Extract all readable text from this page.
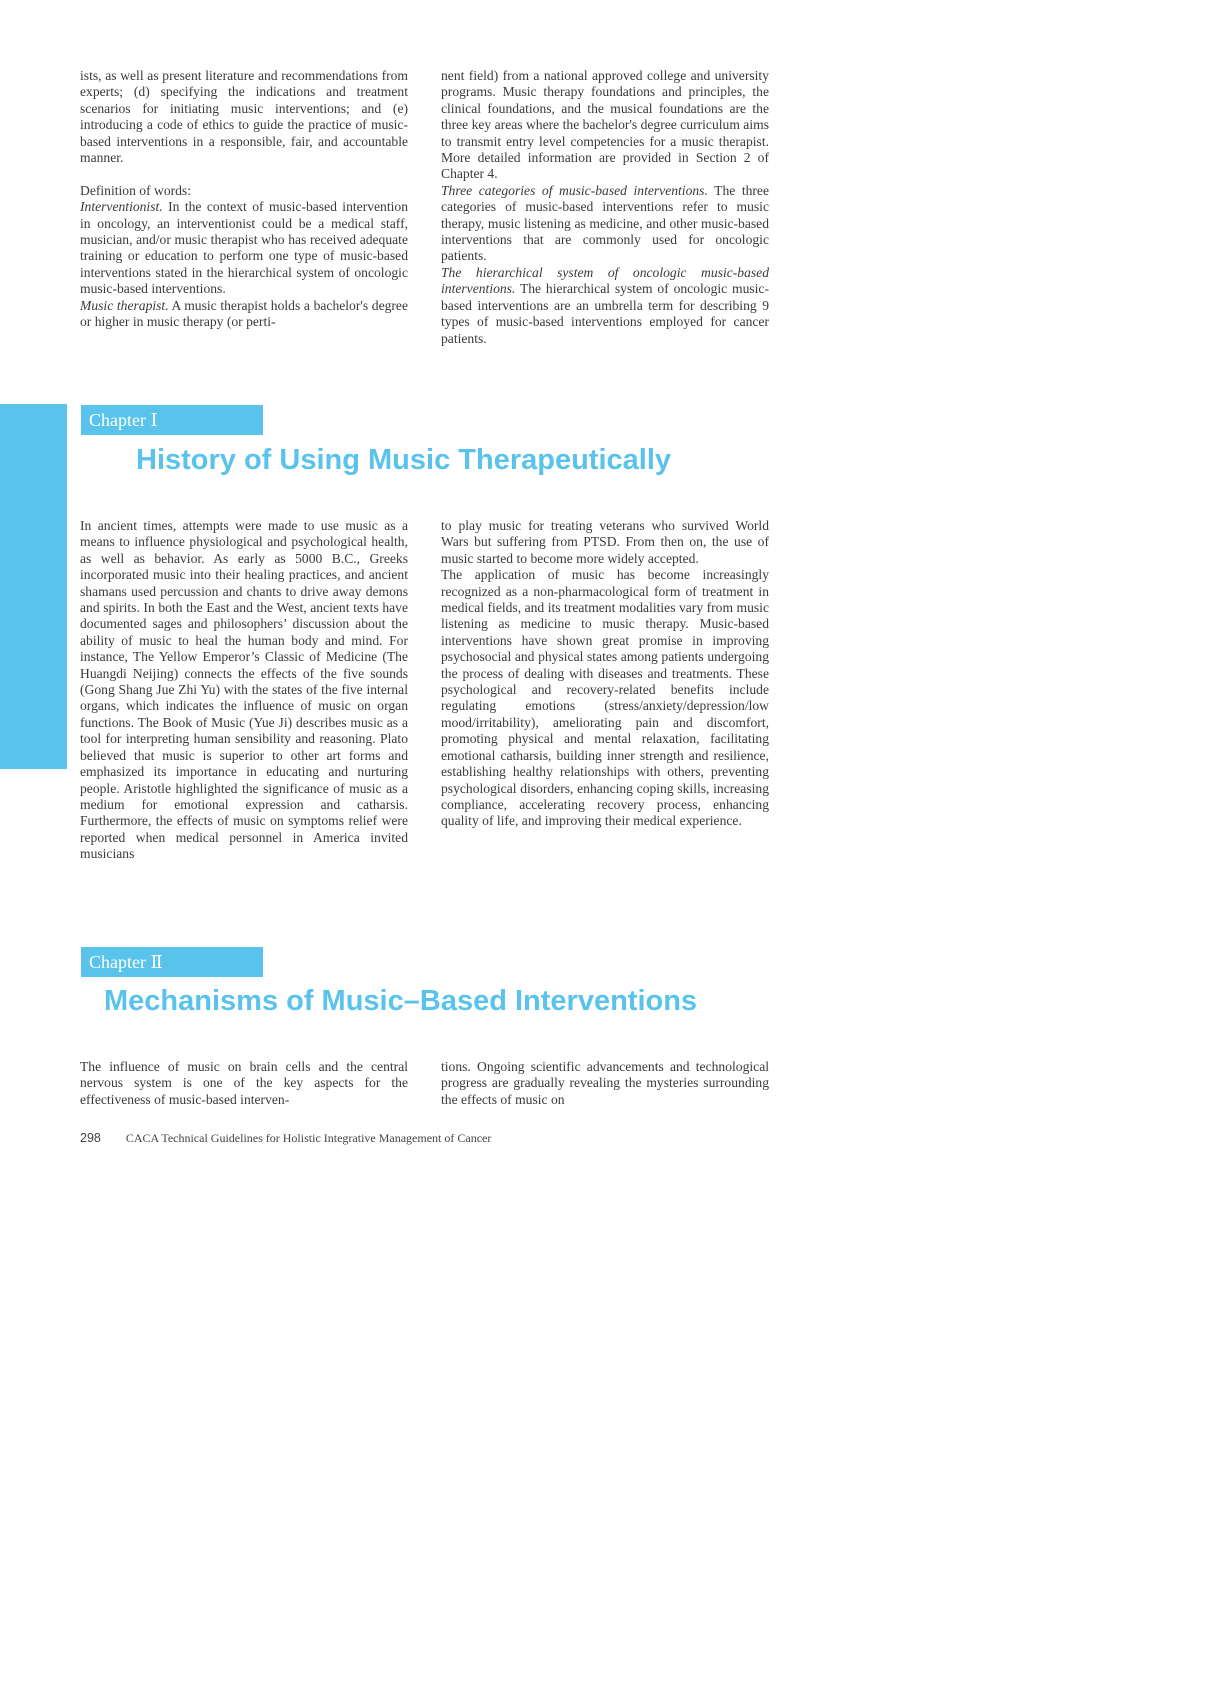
Music-Based Interventions in Oncology

ists, as well as present literature and recommendations from experts; (d) specifying the indications and treatment scenarios for initiating music interventions; and (e) introducing a code of ethics to guide the practice of music-based interventions in a responsible, fair, and accountable manner.

Definition of words:

Interventionist. In the context of music-based intervention in oncology, an interventionist could be a medical staff, musician, and/or music therapist who has received adequate training or education to perform one type of music-based interventions stated in the hierarchical system of oncologic music-based interventions.

Music therapist. A music therapist holds a bachelor's degree or higher in music therapy (or perti-

nent field) from a national approved college and university programs. Music therapy foundations and principles, the clinical foundations, and the musical foundations are the three key areas where the bachelor's degree curriculum aims to transmit entry level competencies for a music therapist. More detailed information are provided in Section 2 of Chapter 4.

Three categories of music-based interventions. The three categories of music-based interventions refer to music therapy, music listening as medicine, and other music-based interventions that are commonly used for oncologic patients.

The hierarchical system of oncologic music-based interventions. The hierarchical system of oncologic music-based interventions are an umbrella term for describing 9 types of music-based interventions employed for cancer patients.

Chapter Ⅰ
History of Using Music Therapeutically

In ancient times, attempts were made to use music as a means to influence physiological and psychological health, as well as behavior. As early as 5000 B.C., Greeks incorporated music into their healing practices, and ancient shamans used percussion and chants to drive away demons and spirits. In both the East and the West, ancient texts have documented sages and philosophers’ discussion about the ability of music to heal the human body and mind. For instance, The Yellow Emperor’s Classic of Medicine (The Huangdi Neijing) connects the effects of the five sounds (Gong Shang Jue Zhi Yu) with the states of the five internal organs, which indicates the influence of music on organ functions. The Book of Music (Yue Ji) describes music as a tool for interpreting human sensibility and reasoning. Plato believed that music is superior to other art forms and emphasized its importance in educating and nurturing people. Aristotle highlighted the significance of music as a medium for emotional expression and catharsis. Furthermore, the effects of music on symptoms relief were reported when medical personnel in America invited musicians

to play music for treating veterans who survived World Wars but suffering from PTSD. From then on, the use of music started to become more widely accepted.

The application of music has become increasingly recognized as a non-pharmacological form of treatment in medical fields, and its treatment modalities vary from music listening as medicine to music therapy. Music-based interventions have shown great promise in improving psychosocial and physical states among patients undergoing the process of dealing with diseases and treatments. These psychological and recovery-related benefits include regulating emotions (stress/anxiety/depression/low mood/irritability), ameliorating pain and discomfort, promoting physical and mental relaxation, facilitating emotional catharsis, building inner strength and resilience, establishing healthy relationships with others, preventing psychological disorders, enhancing coping skills, increasing compliance, accelerating recovery process, enhancing quality of life, and improving their medical experience.

Chapter Ⅱ
Mechanisms of Music–Based Interventions

The influence of music on brain cells and the central nervous system is one of the key aspects for the effectiveness of music-based interven-

tions. Ongoing scientific advancements and technological progress are gradually revealing the mysteries surrounding the effects of music on

298 CACA Technical Guidelines for Holistic Integrative Management of Cancer
